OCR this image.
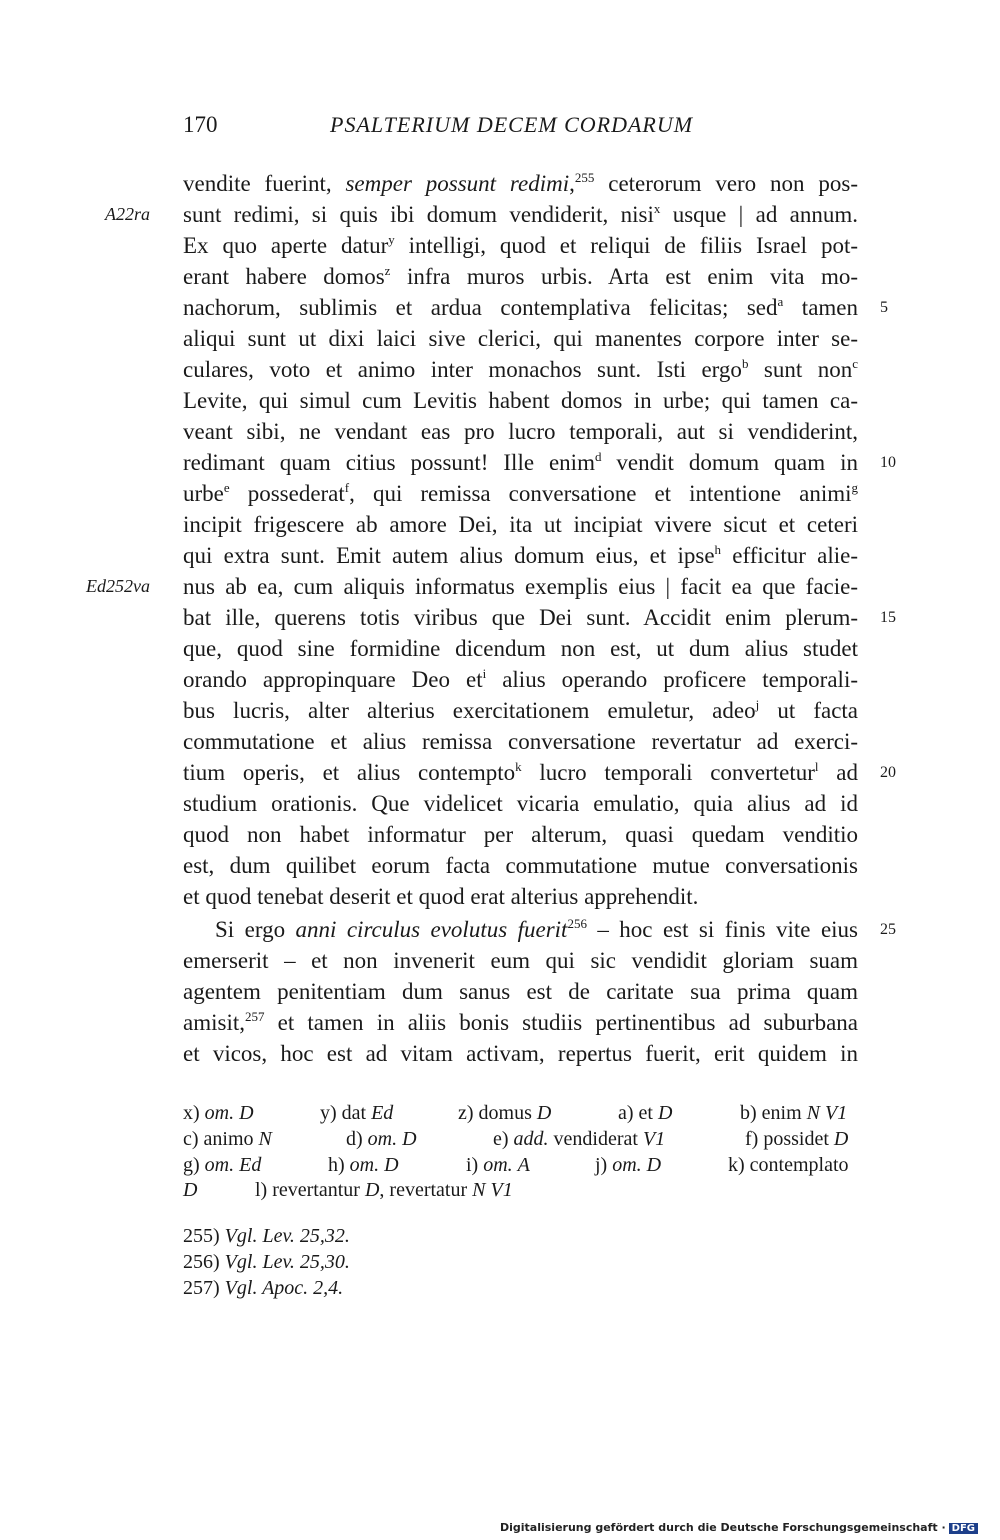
170	PSALTERIUM DECEM CORDARUM
vendite fuerint, semper possunt redimi,$^{255}$ ceterorum vero non pos-
sunt redimi, si quis ibi domum vendiderit, nisi$^x$ usque | ad annum.
Ex quo aperte datur$^y$ intelligi, quod et reliqui de filiis Israel pot-
erant habere domos$^z$ infra muros urbis. Arta est enim vita mo-
nachorum, sublimis et ardua contemplativa felicitas; sed$^a$ tamen
aliqui sunt ut dixi laici sive clerici, qui manentes corpore inter se-
culares, voto et animo inter monachos sunt. Isti ergo$^b$ sunt non$^c$
Levite, qui simul cum Levitis habent domos in urbe; qui tamen ca-
veant sibi, ne vendant eas pro lucro temporali, aut si vendiderint,
redimant quam citius possunt! Ille enim$^d$ vendit domum quam in
urbe$^e$ possederat$^f$, qui remissa conversatione et intentione animi$^g$
incipit frigescere ab amore Dei, ita ut incipiat vivere sicut et ceteri
qui extra sunt. Emit autem alius domum eius, et ipse$^h$ efficitur alie-
nus ab ea, cum aliquis informatus exemplis eius | facit ea que facie-
bat ille, querens totis viribus que Dei sunt. Accidit enim plerum-
que, quod sine formidine dicendum non est, ut dum alius studet
orando appropinquare Deo $et^i$ alius operando proficere temporali-
bus lucris, alter alterius exercitationem emuletur, adeo$^j$ ut facta
commutatione et alius remissa conversatione revertatur ad exerci-
tium operis, et alius contempto$^k$ lucro temporali convertetur$^l$ ad
studium orationis. Que videlicet vicaria emulatio, quia alius ad id
quod non habet informatur per alterum, quasi quedam venditio
est, dum quilibet eorum facta commutatione mutue conversationis
et quod tenebat deserit et quod erat alterius apprehendit.
Si ergo anni circulus evolutus fuerit$^{256}$ – hoc est si finis vite eius
emerserit – et non invenerit eum qui sic vendidit gloriam suam
agentem penitentiam dum sanus est de caritate sua prima quam
amisit,$^{257}$ et tamen in aliis bonis studiis pertinentibus ad suburbana
et vicos, hoc est ad vitam activam, repertus fuerit, erit quidem in
A22ra
Ed252va
5
10
15
20
25
x) om. D	y) dat Ed	z) domus D	a) et D	b) enim N V1
c) animo N	d) om. D	e) add. vendiderat V1	f) possidet D
g) om. Ed	h) om. D	i) om. A	j) om. D	k) contemplato
D	l) revertantur D, revertatur N V1
255) Vgl. Lev. 25,32.
256) Vgl. Lev. 25,30.
257) Vgl. Apoc. 2,4.
Digitalisierung gefördert durch die Deutsche Forschungsgemeinschaft · DFG
